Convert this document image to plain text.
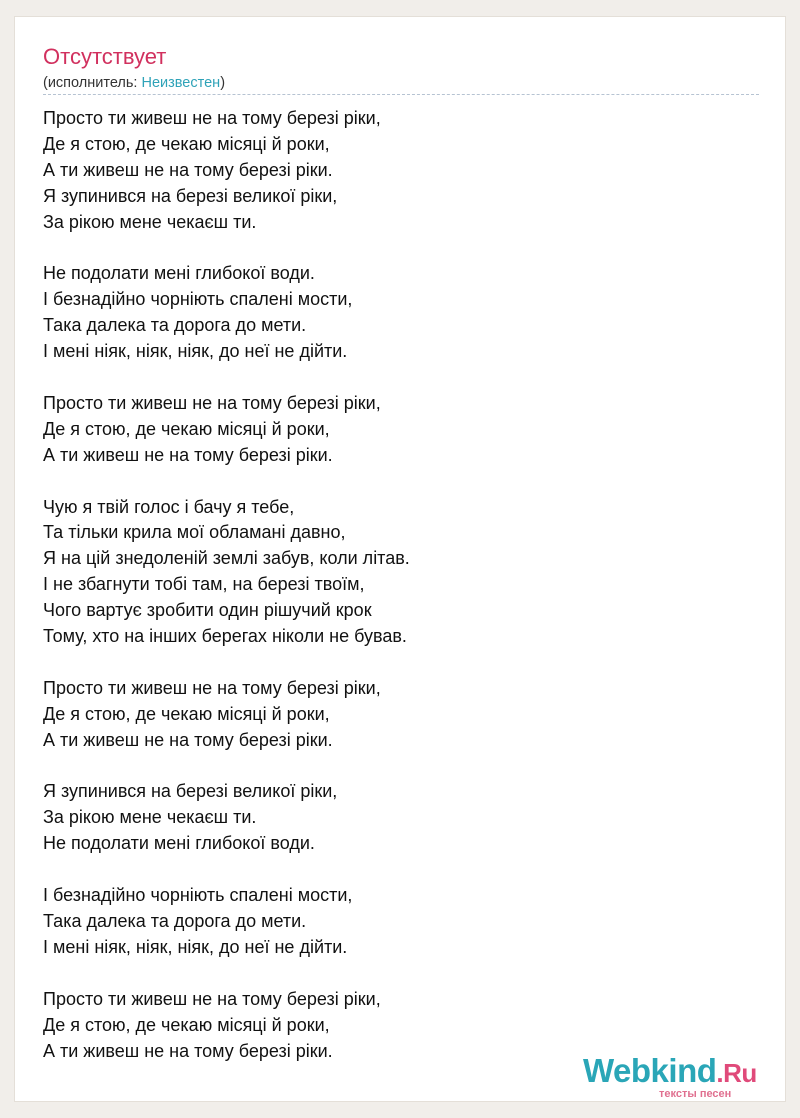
Отсутствует
(исполнитель: Неизвестен)
Просто ти живеш не на тому березі ріки,
Де я стою, де чекаю місяці й роки,
А ти живеш не на тому березі ріки.
Я зупинився на березі великої ріки,
За рікою мене чекаєш ти.
Не подолати мені глибокої води.
І безнадійно чорніють спалені мости,
Така далека та дорога до мети.
І мені ніяк, ніяк, ніяк, до неї не дійти.
Просто ти живеш не на тому березі ріки,
Де я стою, де чекаю місяці й роки,
А ти живеш не на тому березі ріки.
Чую я твій голос і бачу я тебе,
Та тільки крила мої обламані давно,
Я на цій знедоленій землі забув, коли літав.
І не збагнути тобі там, на березі твоїм,
Чого вартує зробити один рішучий крок
Тому, хто на інших берегах ніколи не бував.
Просто ти живеш не на тому березі ріки,
Де я стою, де чекаю місяці й роки,
А ти живеш не на тому березі ріки.
Я зупинився на березі великої ріки,
За рікою мене чекаєш ти.
Не подолати мені глибокої води.
І безнадійно чорніють спалені мости,
Така далека та дорога до мети.
І мені ніяк, ніяк, ніяк, до неї не дійти.
Просто ти живеш не на тому березі ріки,
Де я стою, де чекаю місяці й роки,
А ти живеш не на тому березі ріки.
Webkind.Ru
тексты песен
